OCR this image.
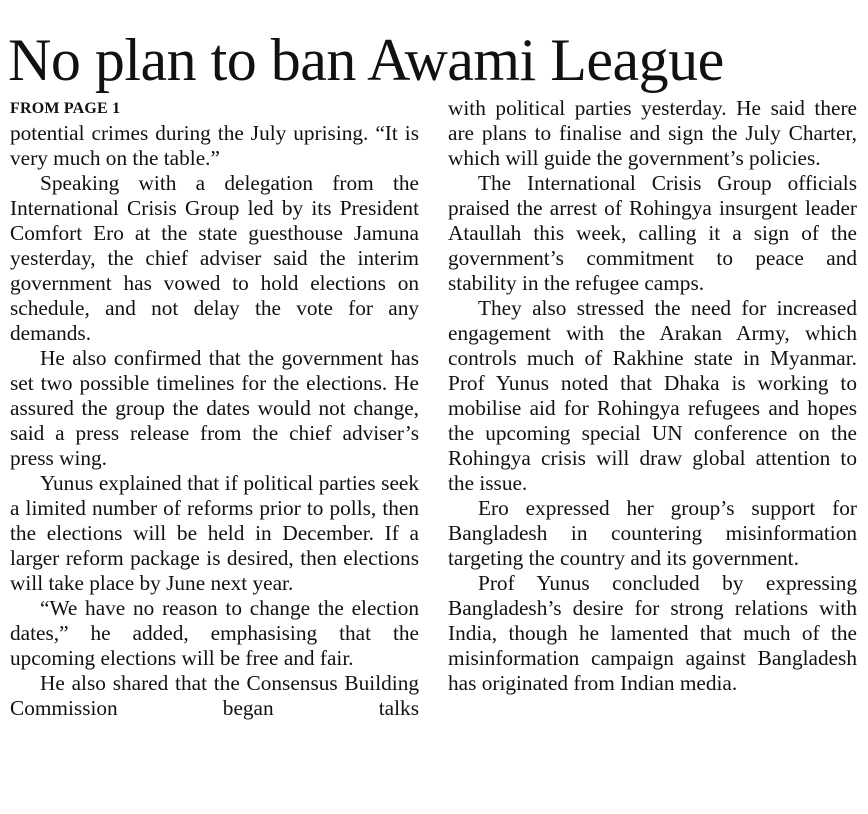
No plan to ban Awami League
FROM PAGE 1

potential crimes during the July uprising. “It is very much on the table.”

Speaking with a delegation from the International Crisis Group led by its President Comfort Ero at the state guesthouse Jamuna yesterday, the chief adviser said the interim government has vowed to hold elections on schedule, and not delay the vote for any demands.

He also confirmed that the government has set two possible timelines for the elections. He assured the group the dates would not change, said a press release from the chief adviser’s press wing.

Yunus explained that if political parties seek a limited number of reforms prior to polls, then the elections will be held in December. If a larger reform package is desired, then elections will take place by June next year.

“We have no reason to change the election dates,” he added, emphasising that the upcoming elections will be free and fair.

He also shared that the Consensus Building Commission began talks

with political parties yesterday. He said there are plans to finalise and sign the July Charter, which will guide the government’s policies.

The International Crisis Group officials praised the arrest of Rohingya insurgent leader Ataullah this week, calling it a sign of the government’s commitment to peace and stability in the refugee camps.

They also stressed the need for increased engagement with the Arakan Army, which controls much of Rakhine state in Myanmar. Prof Yunus noted that Dhaka is working to mobilise aid for Rohingya refugees and hopes the upcoming special UN conference on the Rohingya crisis will draw global attention to the issue.

Ero expressed her group’s support for Bangladesh in countering misinformation targeting the country and its government.

Prof Yunus concluded by expressing Bangladesh’s desire for strong relations with India, though he lamented that much of the misinformation campaign against Bangladesh has originated from Indian media.
